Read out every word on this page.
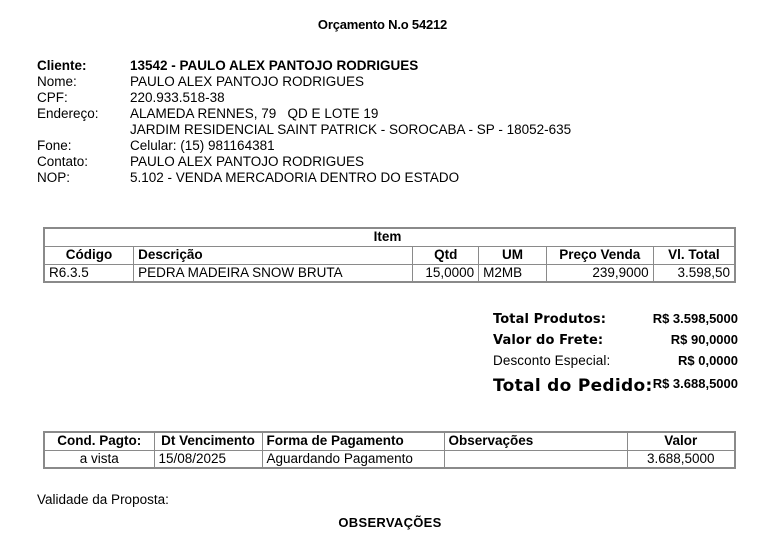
Orçamento N.o 54212
Cliente:	13542 - PAULO ALEX PANTOJO RODRIGUES
Nome:	PAULO ALEX PANTOJO RODRIGUES
CPF:	220.933.518-38
Endereço:	ALAMEDA RENNES, 79   QD E LOTE 19
JARDIM RESIDENCIAL SAINT PATRICK - SOROCABA - SP - 18052-635
Fone:	Celular: (15) 981164381
Contato:	PAULO ALEX PANTOJO RODRIGUES
NOP:	5.102 - VENDA MERCADORIA DENTRO DO ESTADO
Item					
Código	Descrição	Qtd	UM	Preço Venda	Vl. Total
R6.3.5	PEDRA MADEIRA SNOW BRUTA	15,0000	M2MB	239,9000	3.598,50
Total Produtos:	R$ 3.598,5000
Valor do Frete:	R$ 90,0000
Desconto Especial:	R$ 0,0000
Total do Pedido: R$ 3.688,5000
Cond. Pagto:	Dt Vencimento	Forma de Pagamento	Observações	Valor
a vista	15/08/2025	Aguardando Pagamento		3.688,5000
Validade da Proposta:
OBSERVAÇÕES
